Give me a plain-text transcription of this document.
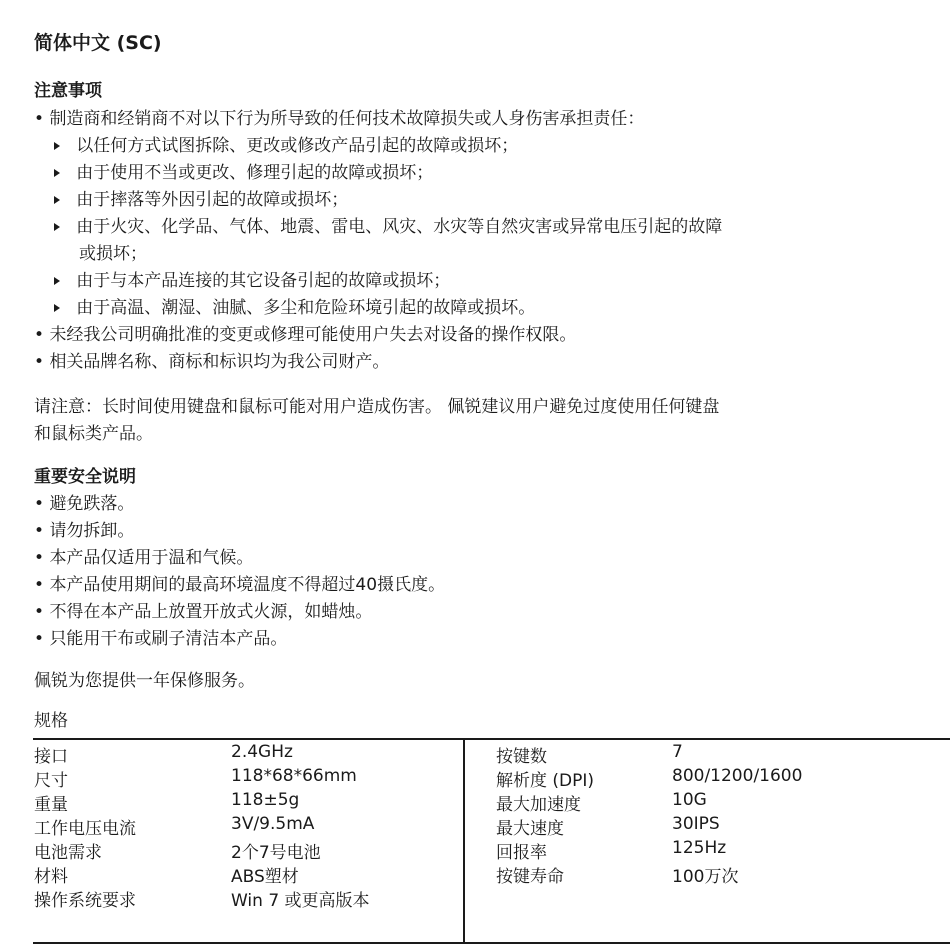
简体中文 (SC)
注意事项
• 制造商和经销商不对以下行为所导致的任何技术故障损失或人身伤害承担责任：
以任何方式试图拆除、更改或修改产品引起的故障或损坏；
由于使用不当或更改、修理引起的故障或损坏；
由于摔落等外因引起的故障或损坏；
由于火灾、化学品、气体、地震、雷电、风灾、水灾等自然灾害或异常电压引起的故障
或损坏；
由于与本产品连接的其它设备引起的故障或损坏；
由于高温、潮湿、油腻、多尘和危险环境引起的故障或损坏。
• 未经我公司明确批准的变更或修理可能使用户失去对设备的操作权限。
• 相关品牌名称、商标和标识均为我公司财产。
请注意：长时间使用键盘和鼠标可能对用户造成伤害。 佩锐建议用户避免过度使用任何键盘
和鼠标类产品。
重要安全说明
• 避免跌落。
• 请勿拆卸。
• 本产品仅适用于温和气候。
• 本产品使用期间的最高环境温度不得超过40摄氏度。
• 不得在本产品上放置开放式火源，如蜡烛。
• 只能用干布或刷子清洁本产品。
佩锐为您提供一年保修服务。
规格
接口	2.4GHz
尺寸	118*68*66mm
重量	118±5g
工作电压电流	3V/9.5mA
电池需求	2个7号电池
材料	ABS塑材
操作系统要求	Win 7 或更高版本
按键数	7
解析度 (DPI)	800/1200/1600
最大加速度	10G
最大速度	30IPS
回报率	125Hz
按键寿命	100万次
